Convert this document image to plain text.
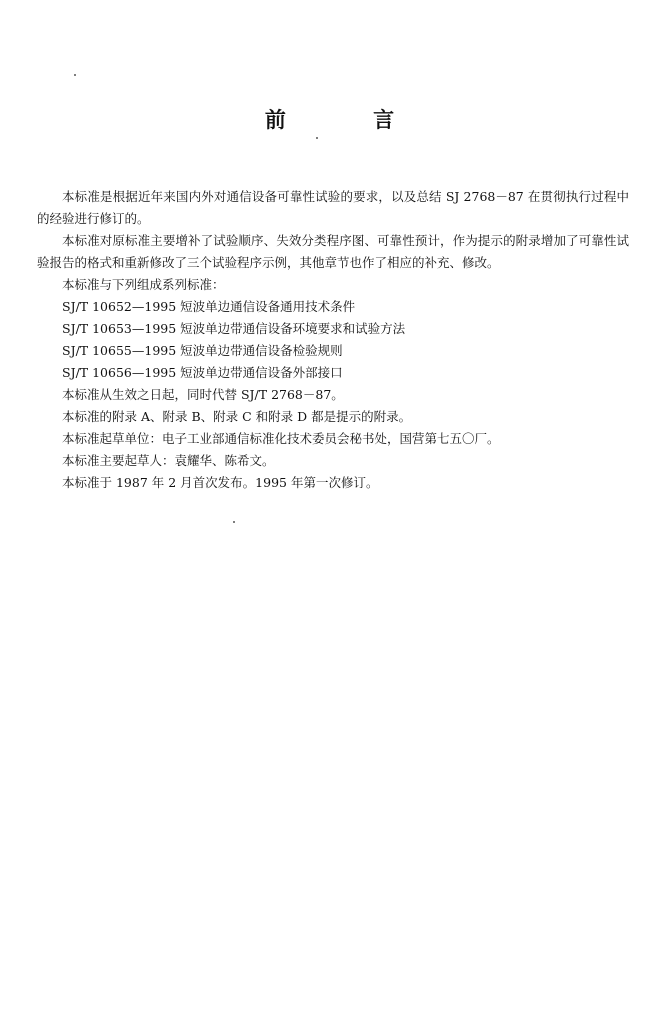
前 言

本标准是根据近年来国内外对通信设备可靠性试验的要求，以及总结 SJ 2768－87 在贯彻执行过程中的经验进行修订的。

本标准对原标准主要增补了试验顺序、失效分类程序图、可靠性预计，作为提示的附录增加了可靠性试验报告的格式和重新修改了三个试验程序示例，其他章节也作了相应的补充、修改。

本标准与下列组成系列标准：

SJ/T 10652—1995 短波单边通信设备通用技术条件

SJ/T 10653—1995 短波单边带通信设备环境要求和试验方法

SJ/T 10655—1995 短波单边带通信设备检验规则

SJ/T 10656—1995 短波单边带通信设备外部接口

本标准从生效之日起，同时代替 SJ/T 2768－87。

本标准的附录 A、附录 B、附录 C 和附录 D 都是提示的附录。

本标准起草单位：电子工业部通信标准化技术委员会秘书处，国营第七五〇厂。

本标准主要起草人：袁耀华、陈希文。

本标准于 1987 年 2 月首次发布。1995 年第一次修订。
